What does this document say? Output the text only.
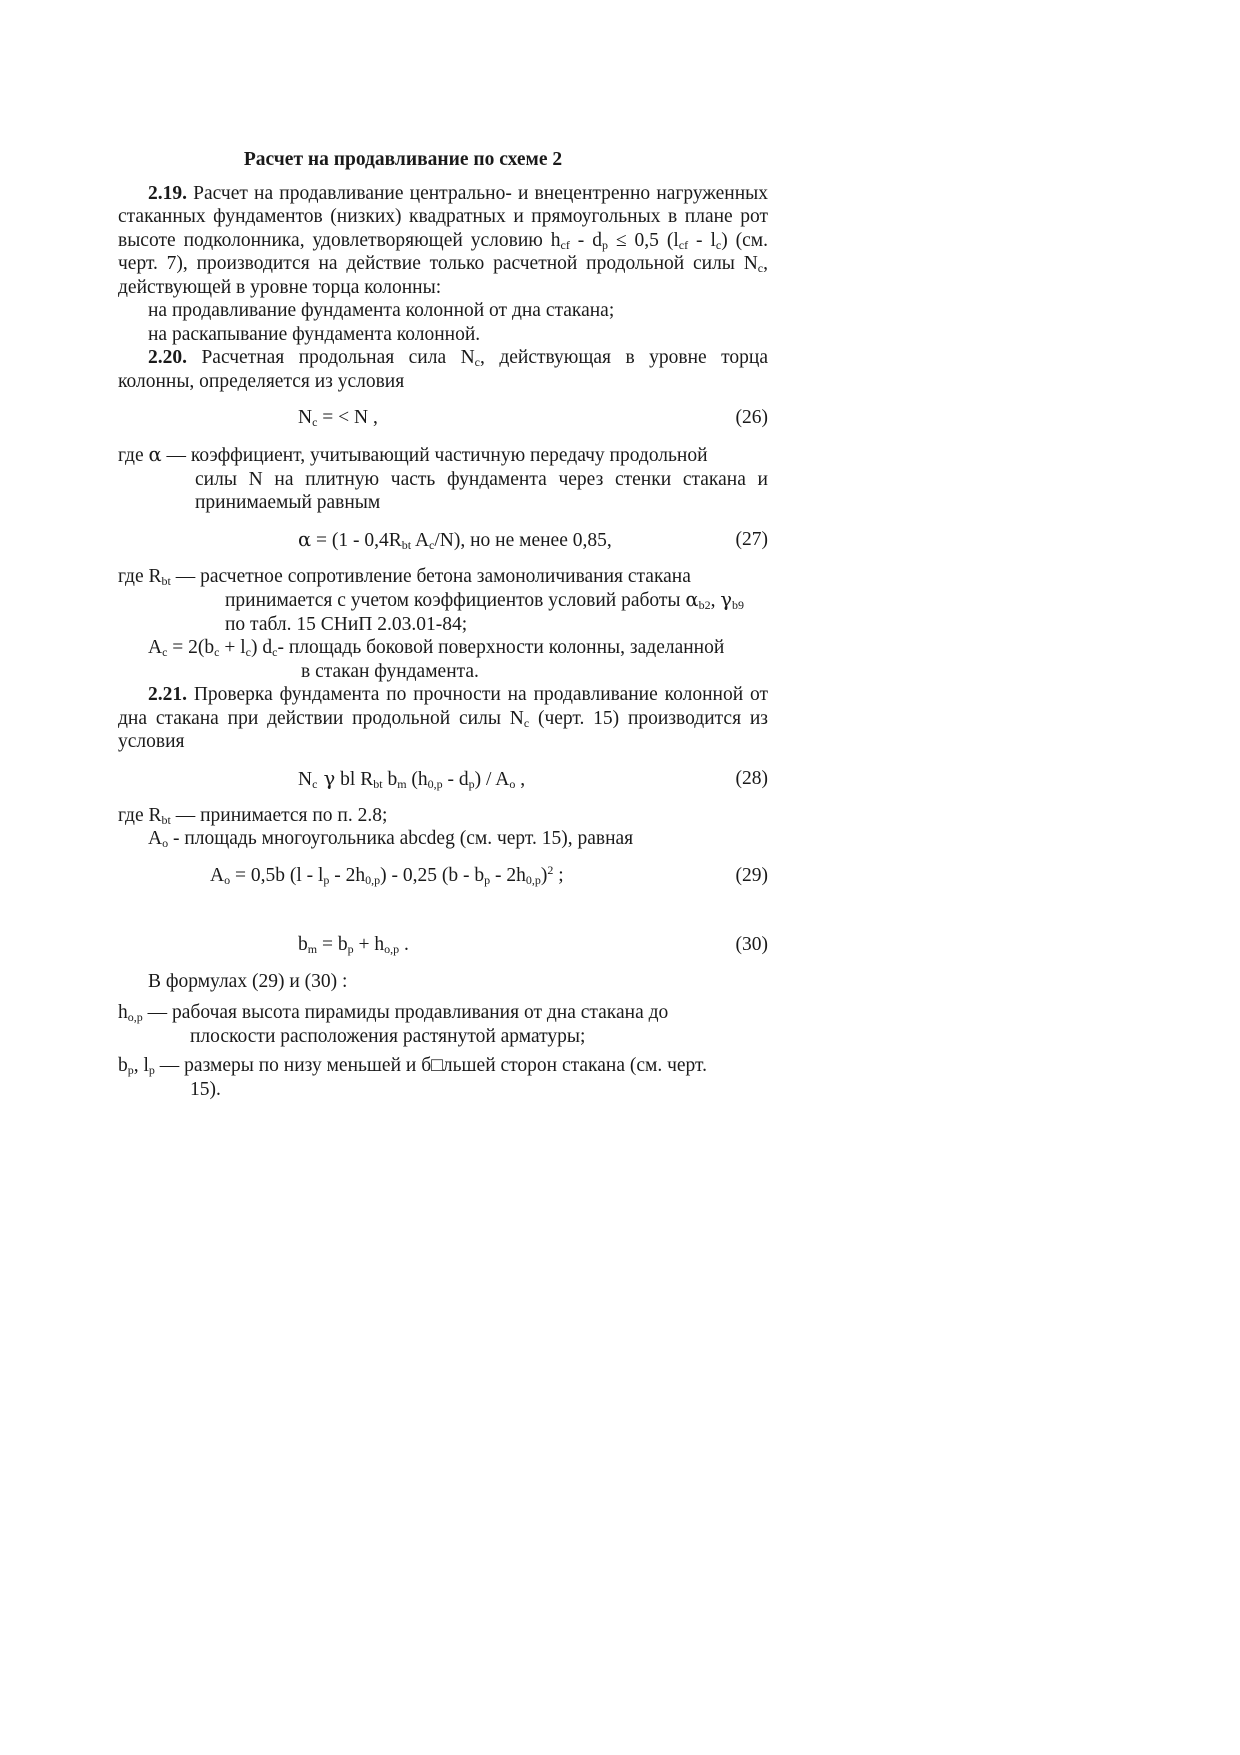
Расчет на продавливание по схеме 2

2.19. Расчет на продавливание центрально- и внецентренно нагруженных стаканных фундаментов (низких) квадратных и прямоугольных в плане рот высоте подколонника, удовлетворяющей условию $h_{cf} - d_p \le 0,5$ $(l_{cf} - l_c)$ (см. черт. 7), производится на действие только расчетной продольной силы $N_c$, действующей в уровне торца колонны:

на продавливание фундамента колонной от дна стакана;

на раскапывание фундамента колонной.

2.20. Расчетная продольная сила $N_c$, действующая в уровне торца колонны, определяется из условия

$N_c$ = < N ,	(26)

где α — коэффициент, учитывающий частичную передачу продольной
силы N на плитную часть фундамента через стенки стакана и принимаемый равным

$\alpha = (1 - 0,4R_{bt}$ $A_c/N$), но не менее 0,85,	(27)

где $R_{bt}$ — расчетное сопротивление бетона замоноличивания стакана
принимается с учетом коэффициентов условий работы $\alpha_{b2}$, $\gamma_{b9}$
по табл. 15 СНиП 2.03.01-84;

$A_c = 2(b_c + l_c)$ $d_c-$ площадь боковой поверхности колонны, заделанной
в стакан фундамента.

2.21. Проверка фундамента по прочности на продавливание колонной от дна стакана при действии продольной силы $N_c$ (черт. 15) производится из условия

$N_c$ γ bl $R_{bt}$ $b_m$ $(h_{0,p} - d_p) / A_o$ ,	(28)

где $R_{bt}$ — принимается по п. 2.8;

$A_o$ - площадь многоугольника abcdeg (см. черт. 15), равная

$A_o = 0,5b$ $(l - l_p - 2h_{0,p}) - 0,25$ $(b - b_p - 2h_{0,p})^2$ ;	(29)
$b_m = b_p + h_{o,p}$ .	(30)

В формулах (29) и (30) :

$h_{o,p}$ — рабочая высота пирамиды продавливания от дна стакана до
плоскости расположения растянутой арматуры;

$b_p$, $l_p$ — размеры по низу меньшей и б□льшей сторон стакана (см. черт.
15).
